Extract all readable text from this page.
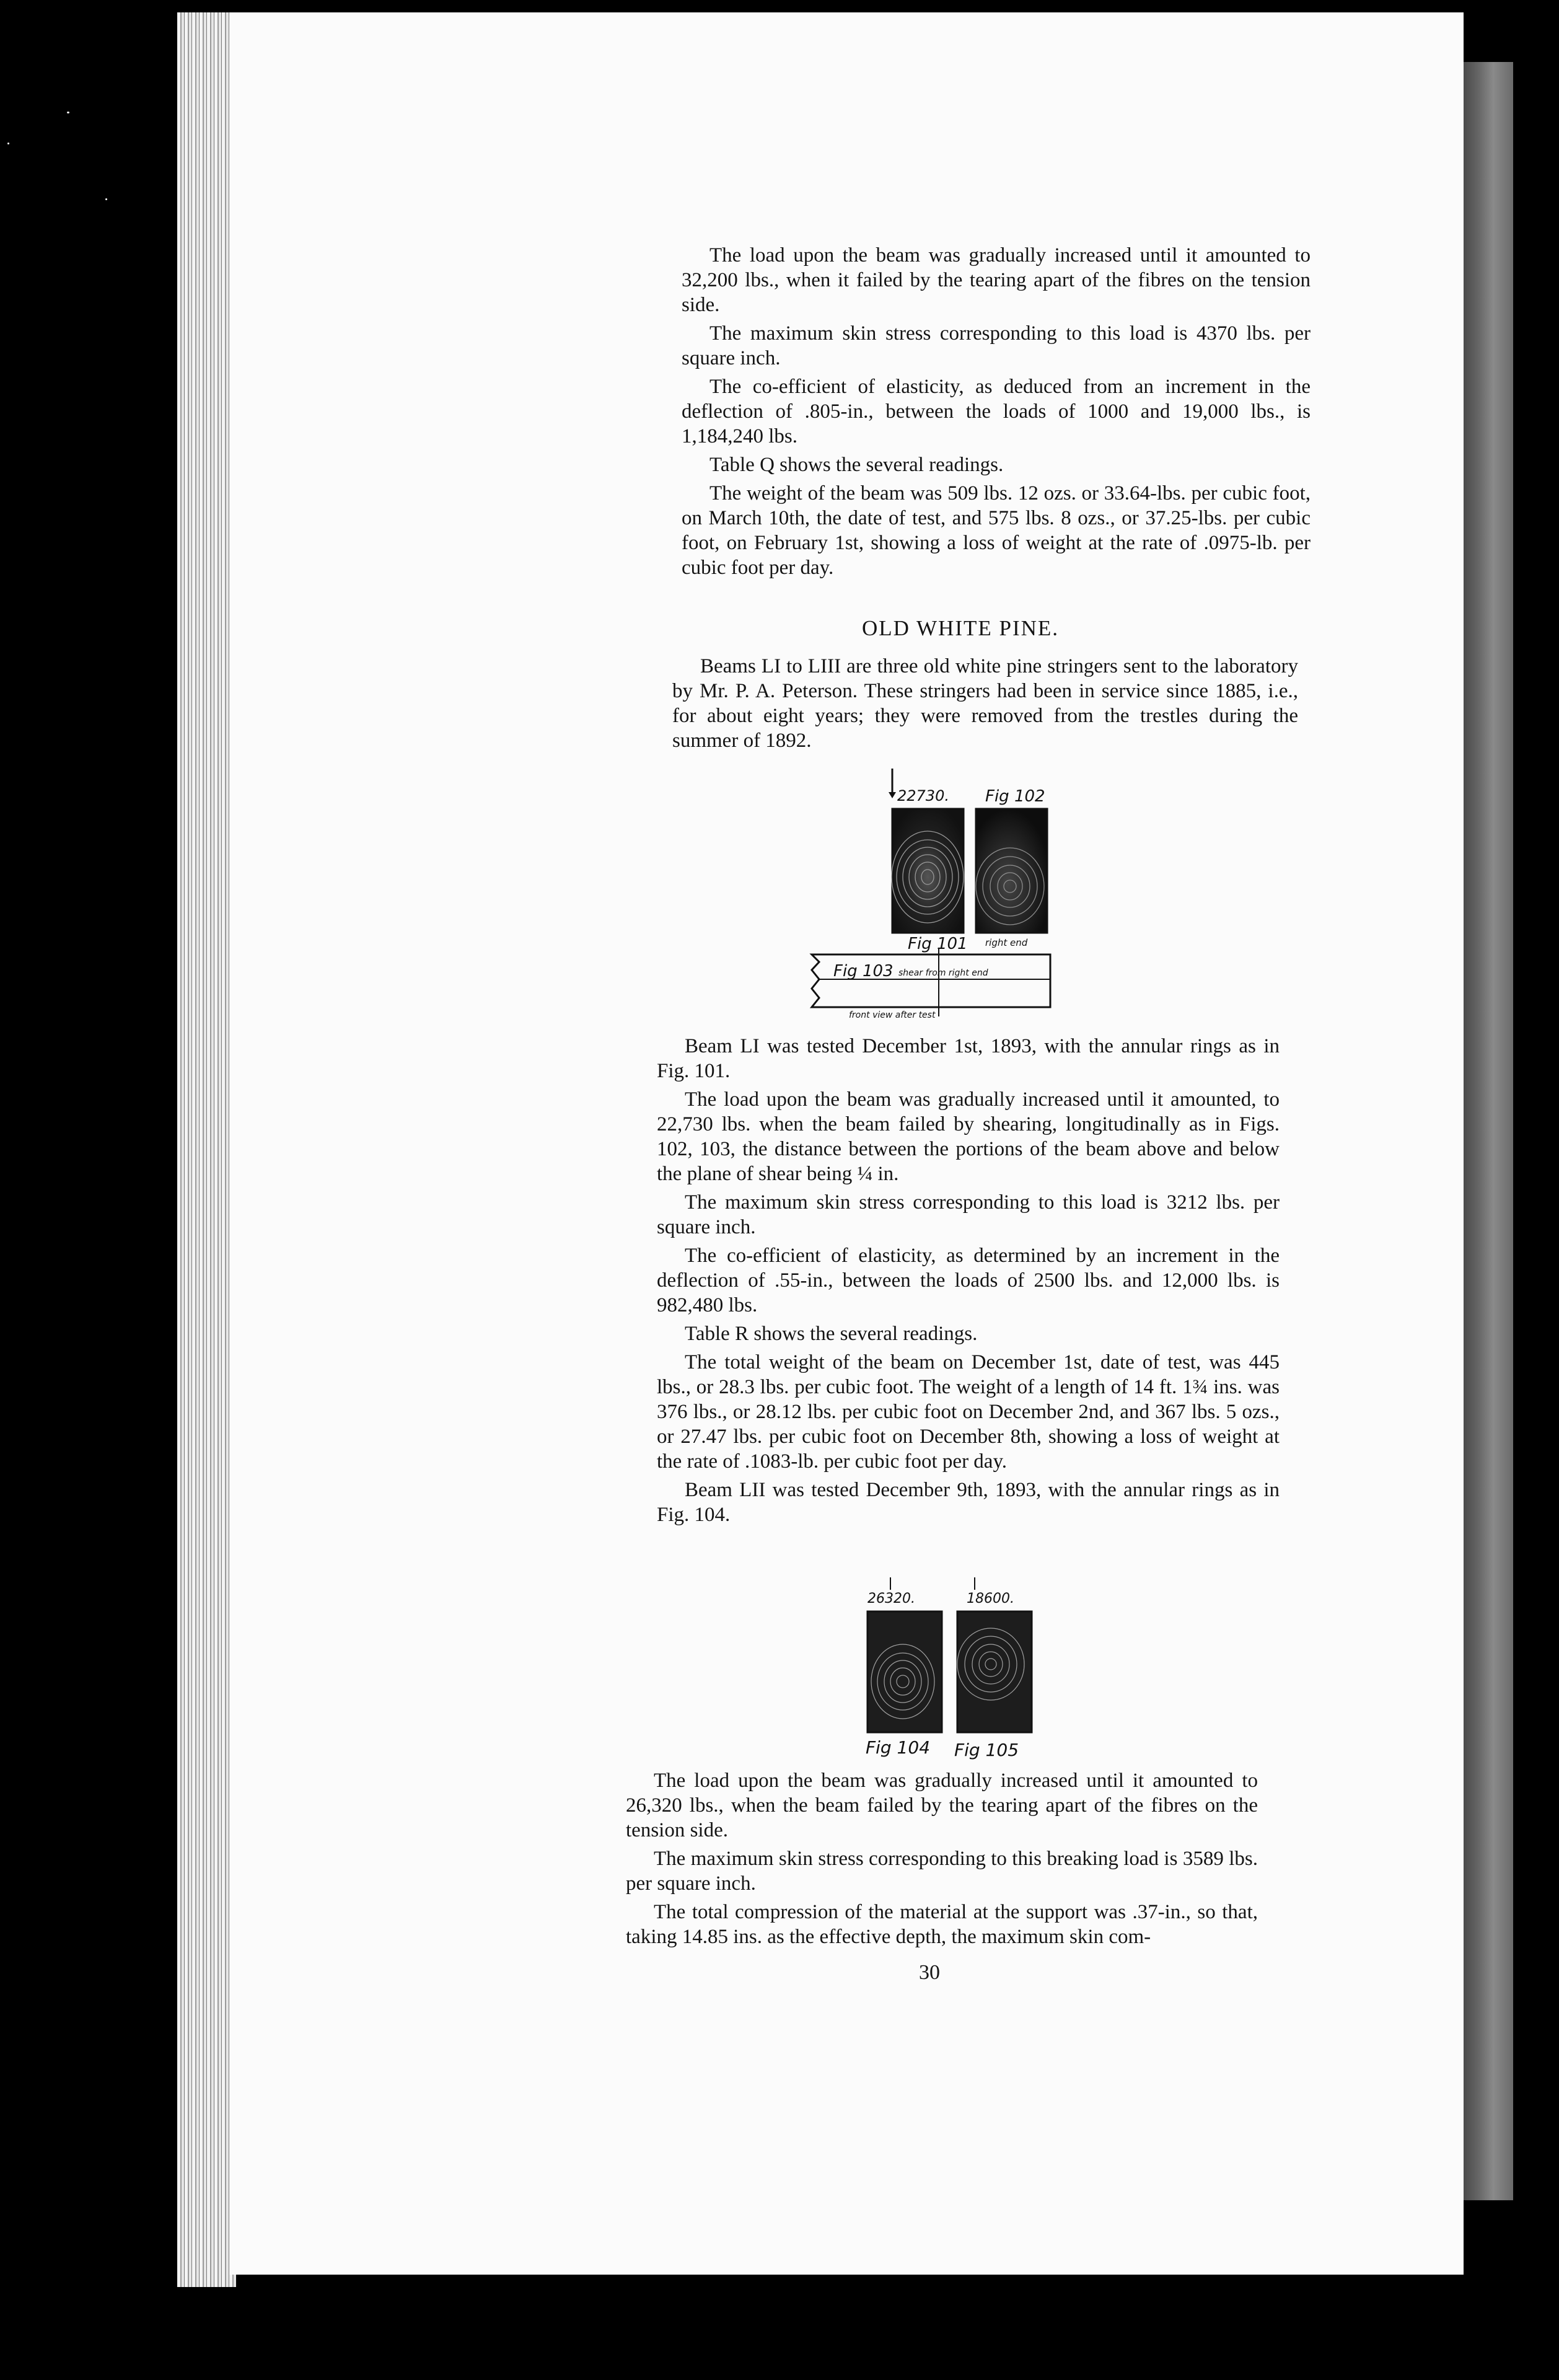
The load upon the beam was gradually increased until it amounted to 32,200 lbs., when it failed by the tearing apart of the fibres on the tension side.

The maximum skin stress corresponding to this load is 4370 lbs. per square inch.

The co-efficient of elasticity, as deduced from an increment in the deflection of .805-in., between the loads of 1000 and 19,000 lbs., is 1,184,240 lbs.

Table Q shows the several readings.

The weight of the beam was 509 lbs. 12 ozs. or 33.64-lbs. per cubic foot, on March 10th, the date of test, and 575 lbs. 8 ozs., or 37.25-lbs. per cubic foot, on February 1st, showing a loss of weight at the rate of .0975-lb. per cubic foot per day.

OLD WHITE PINE.

Beams LI to LIII are three old white pine stringers sent to the laboratory by Mr. P. A. Peterson. These stringers had been in service since 1885, i.e., for about eight years; they were removed from the trestles during the summer of 1892.

22730. Fig 102
Fig 101 right end
Fig 103 shear from right end
front view after test

Beam LI was tested December 1st, 1893, with the annular rings as in Fig. 101.

The load upon the beam was gradually increased until it amounted, to 22,730 lbs. when the beam failed by shearing, longitudinally as in Figs. 102, 103, the distance between the portions of the beam above and below the plane of shear being ¼ in.

The maximum skin stress corresponding to this load is 3212 lbs. per square inch.

The co-efficient of elasticity, as determined by an increment in the deflection of .55-in., between the loads of 2500 lbs. and 12,000 lbs. is 982,480 lbs.

Table R shows the several readings.

The total weight of the beam on December 1st, date of test, was 445 lbs., or 28.3 lbs. per cubic foot. The weight of a length of 14 ft. 1¾ ins. was 376 lbs., or 28.12 lbs. per cubic foot on December 2nd, and 367 lbs. 5 ozs., or 27.47 lbs. per cubic foot on December 8th, showing a loss of weight at the rate of .1083-lb. per cubic foot per day.

Beam LII was tested December 9th, 1893, with the annular rings as in Fig. 104.

26320.	18600.
Fig 104 Fig 105

The load upon the beam was gradually increased until it amounted to 26,320 lbs., when the beam failed by the tearing apart of the fibres on the tension side.

The maximum skin stress corresponding to this breaking load is 3589 lbs. per square inch.

The total compression of the material at the support was .37-in., so that, taking 14.85 ins. as the effective depth, the maximum skin com-

30
